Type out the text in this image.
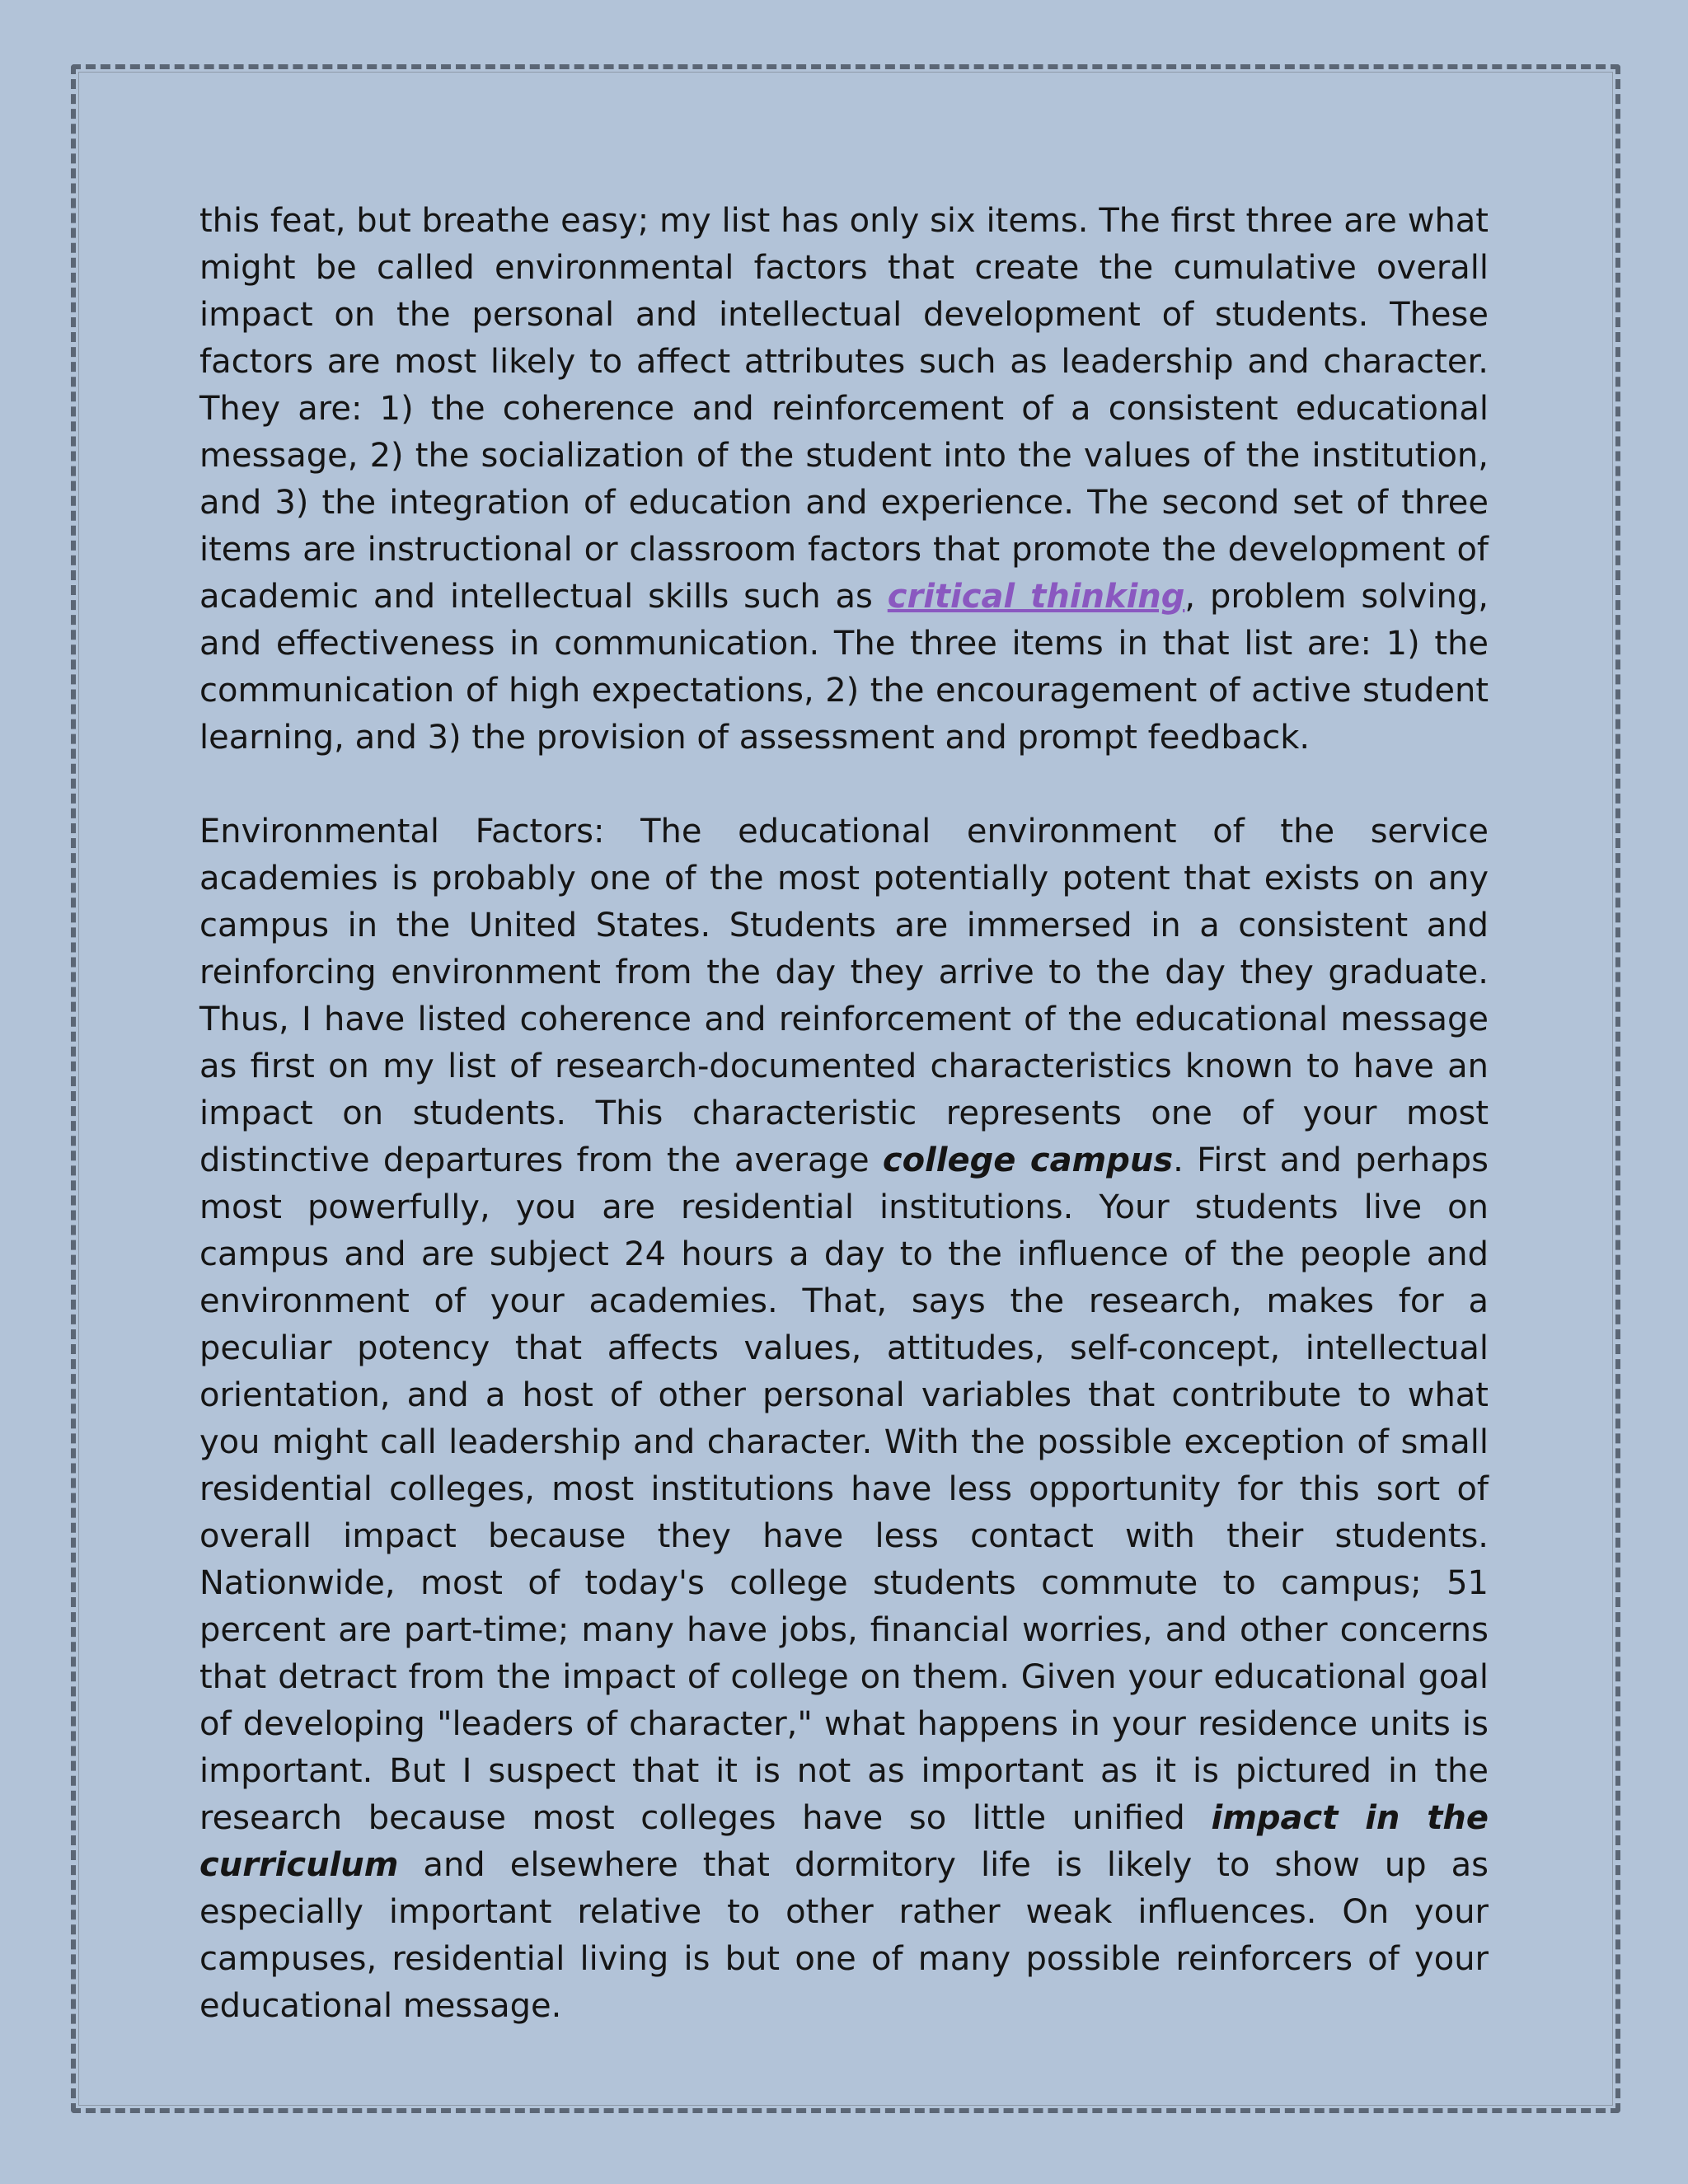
this feat, but breathe easy; my list has only six items. The first three are what might be called environmental factors that create the cumulative overall impact on the personal and intellectual development of students. These factors are most likely to affect attributes such as leadership and character. They are: 1) the coherence and reinforcement of a consistent educational message, 2) the socialization of the student into the values of the institution, and 3) the integration of education and experience. The second set of three items are instructional or classroom factors that promote the development of academic and intellectual skills such as critical thinking, problem solving, and effectiveness in communication. The three items in that list are: 1) the communication of high expectations, 2) the encouragement of active student learning, and 3) the provision of assessment and prompt feedback.

Environmental Factors: The educational environment of the service academies is probably one of the most potentially potent that exists on any campus in the United States. Students are immersed in a consistent and reinforcing environment from the day they arrive to the day they graduate. Thus, I have listed coherence and reinforcement of the educational message as first on my list of research-documented characteristics known to have an impact on students. This characteristic represents one of your most distinctive departures from the average college campus. First and perhaps most powerfully, you are residential institutions. Your students live on campus and are subject 24 hours a day to the influence of the people and environment of your academies. That, says the research, makes for a peculiar potency that affects values, attitudes, self-concept, intellectual orientation, and a host of other personal variables that contribute to what you might call leadership and character. With the possible exception of small residential colleges, most institutions have less opportunity for this sort of overall impact because they have less contact with their students. Nationwide, most of today's college students commute to campus; 51 percent are part-time; many have jobs, financial worries, and other concerns that detract from the impact of college on them. Given your educational goal of developing "leaders of character," what happens in your residence units is important. But I suspect that it is not as important as it is pictured in the research because most colleges have so little unified impact in the curriculum and elsewhere that dormitory life is likely to show up as especially important relative to other rather weak influences. On your campuses, residential living is but one of many possible reinforcers of your educational message.
